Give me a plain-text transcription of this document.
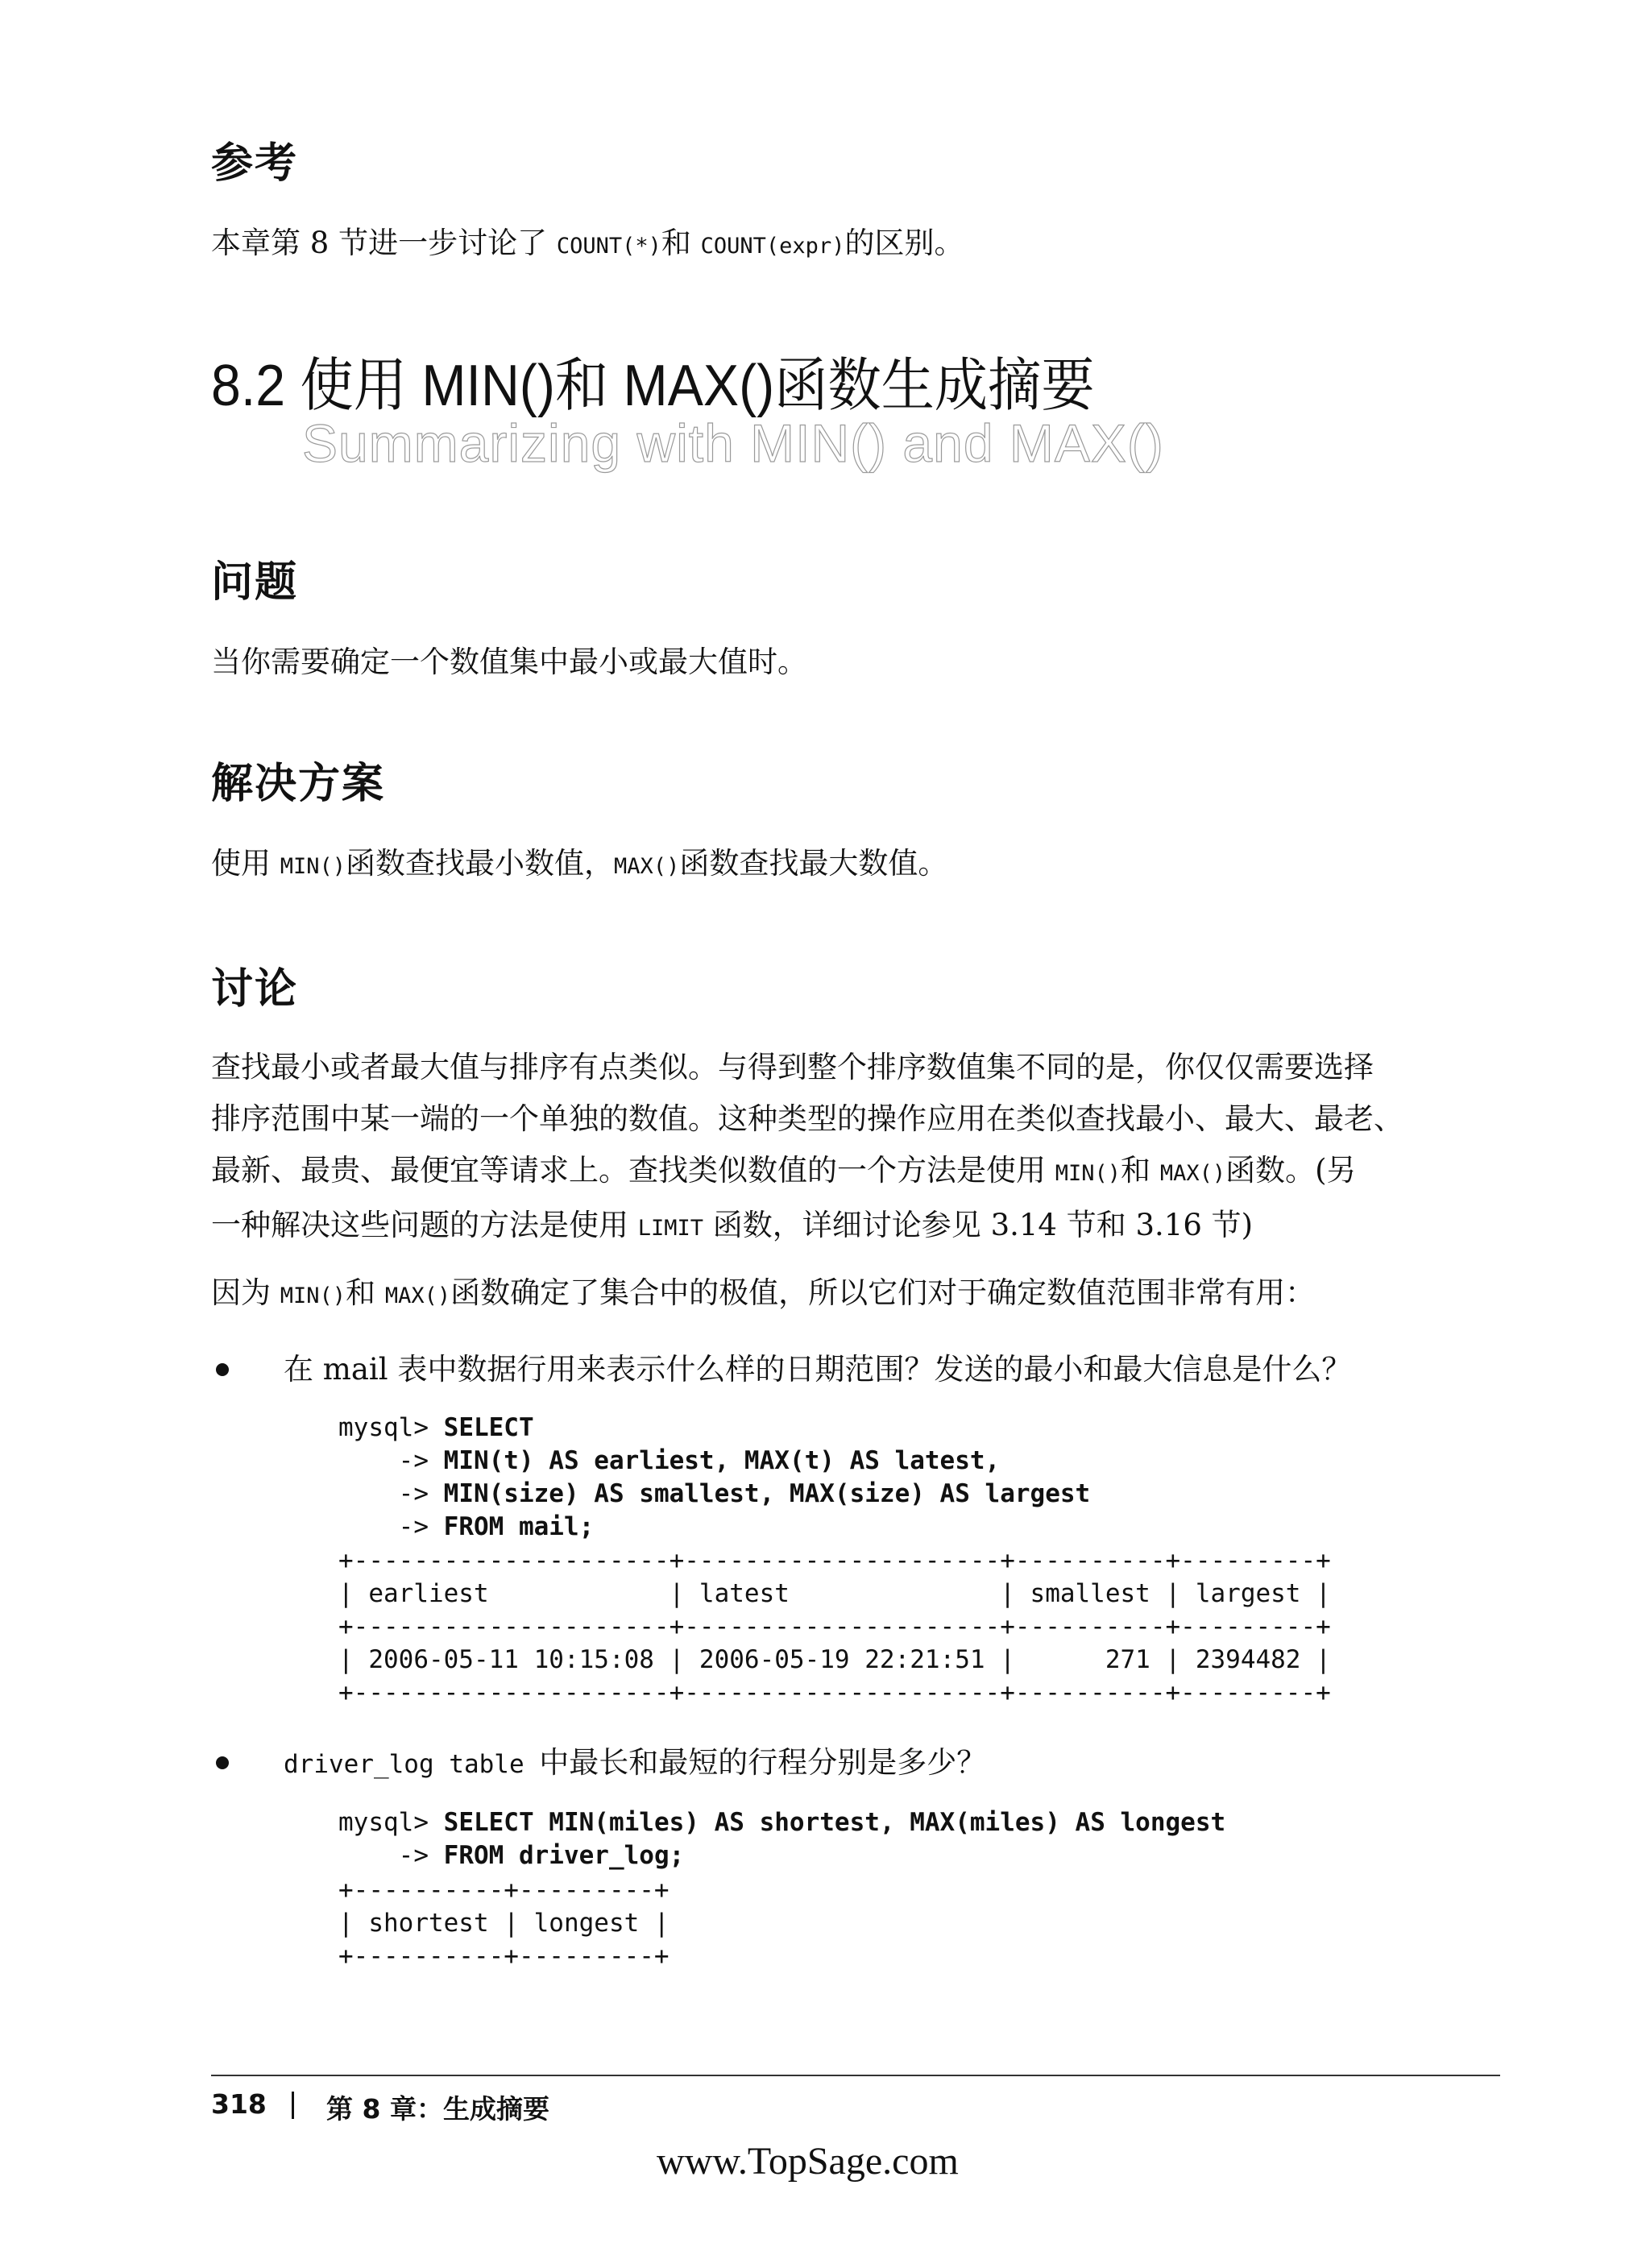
参考
本章第 8 节进一步讨论了 COUNT(*)和 COUNT(expr)的区别。
8.2 使用 MIN()和 MAX()函数生成摘要
Summarizing with MIN() and MAX()
问题
当你需要确定一个数值集中最小或最大值时。
解决方案
使用 MIN()函数查找最小数值，MAX()函数查找最大数值。
讨论
查找最小或者最大值与排序有点类似。与得到整个排序数值集不同的是，你仅仅需要选择
排序范围中某一端的一个单独的数值。这种类型的操作应用在类似查找最小、最大、最老、
最新、最贵、最便宜等请求上。查找类似数值的一个方法是使用 MIN()和 MAX()函数。(另
一种解决这些问题的方法是使用 LIMIT 函数，详细讨论参见 3.14 节和 3.16 节)
因为 MIN()和 MAX()函数确定了集合中的极值，所以它们对于确定数值范围非常有用：
在 mail 表中数据行用来表示什么样的日期范围？发送的最小和最大信息是什么？
mysql> SELECT
-> MIN(t) AS earliest, MAX(t) AS latest,
-> MIN(size) AS smallest, MAX(size) AS largest
-> FROM mail;
+---------------------+---------------------+----------+---------+
| earliest            | latest              | smallest | largest |
+---------------------+---------------------+----------+---------+
| 2006-05-11 10:15:08 | 2006-05-19 22:21:51 |      271 | 2394482 |
+---------------------+---------------------+----------+---------+
driver_log table 中最长和最短的行程分别是多少？
mysql> SELECT MIN(miles) AS shortest, MAX(miles) AS longest
-> FROM driver_log;
+----------+---------+
| shortest | longest |
+----------+---------+
318 第 8 章：生成摘要
www.TopSage.com
